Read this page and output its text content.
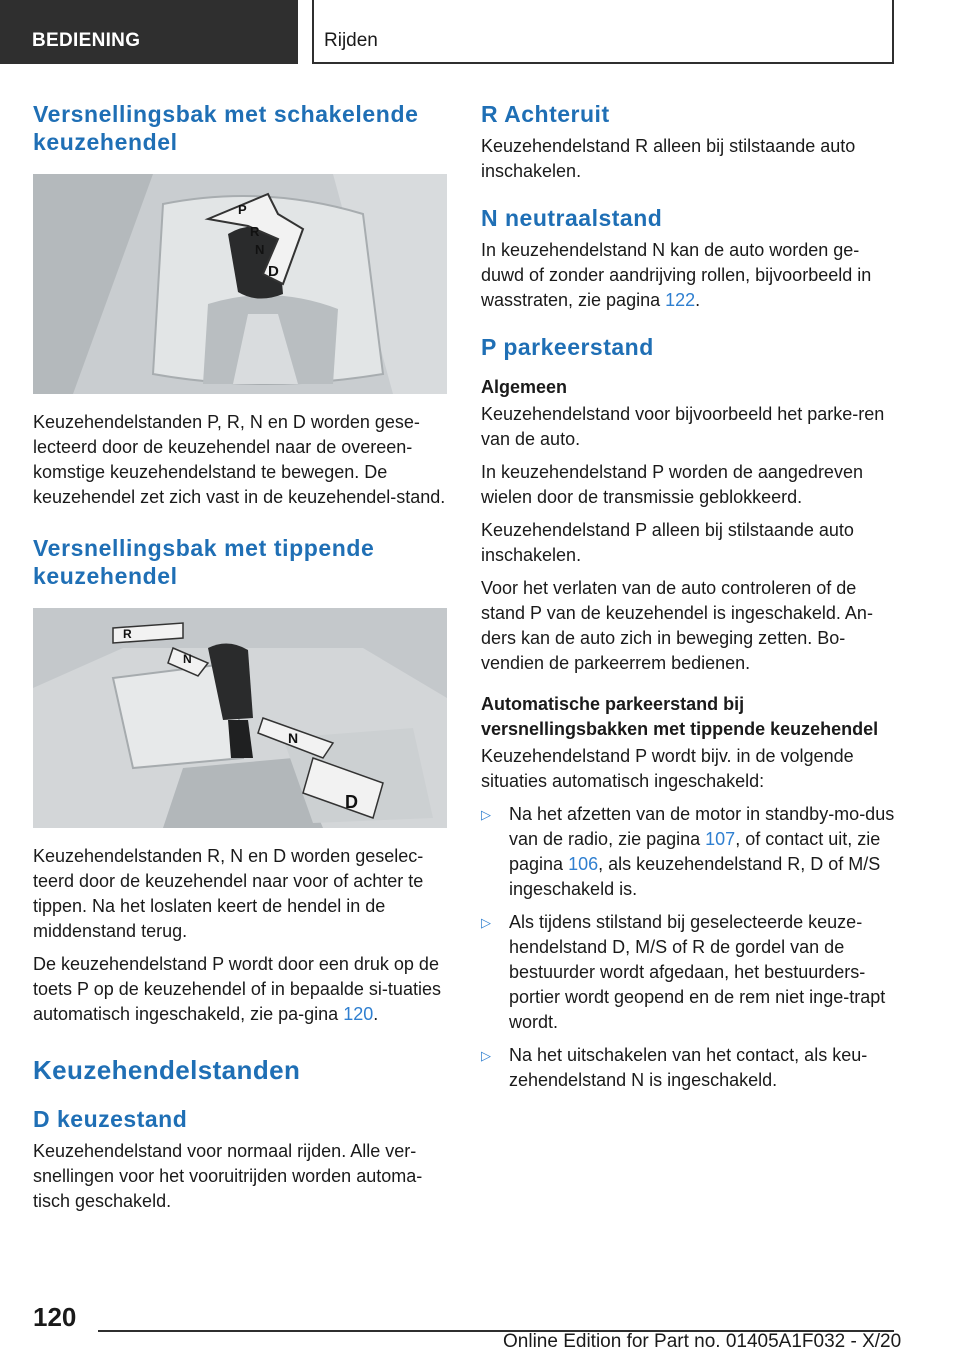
BEDIENING	Rijden
Versnellingsbak met schakelende keuzehendel
P
R
N
D

Keuzehendelstanden P, R, N en D worden gese-lecteerd door de keuzehendel naar de overeen-komstige keuzehendelstand te bewegen. De keuzehendel zet zich vast in de keuzehendel-stand.

Versnellingsbak met tippende keuzehendel
R
N
N
D

Keuzehendelstanden R, N en D worden geselec-teerd door de keuzehendel naar voor of achter te tippen. Na het loslaten keert de hendel in de middenstand terug.

De keuzehendelstand P wordt door een druk op de toets P op de keuzehendel of in bepaalde si-tuaties automatisch ingeschakeld, zie pa-gina 120.

Keuzehendelstanden
D keuzestand

Keuzehendelstand voor normaal rijden. Alle ver-snellingen voor het vooruitrijden worden automa-tisch geschakeld.

R Achteruit

Keuzehendelstand R alleen bij stilstaande auto inschakelen.

N neutraalstand

In keuzehendelstand N kan de auto worden ge-duwd of zonder aandrijving rollen, bijvoorbeeld in wasstraten, zie pagina 122.

P parkeerstand
Algemeen

Keuzehendelstand voor bijvoorbeeld het parke-ren van de auto.

In keuzehendelstand P worden de aangedreven wielen door de transmissie geblokkeerd.

Keuzehendelstand P alleen bij stilstaande auto inschakelen.

Voor het verlaten van de auto controleren of de stand P van de keuzehendel is ingeschakeld. An-ders kan de auto zich in beweging zetten. Bo-vendien de parkeerrem bedienen.

Automatische parkeerstand bij versnellingsbakken met tippende keuzehendel

Keuzehendelstand P wordt bijv. in de volgende situaties automatisch ingeschakeld:

▷ Na het afzetten van de motor in standby-mo-dus van de radio, zie pagina 107, of contact uit, zie pagina 106, als keuzehendelstand R, D of M/S ingeschakeld is.
▷ Als tijdens stilstand bij geselecteerde keuze-hendelstand D, M/S of R de gordel van de bestuurder wordt afgedaan, het bestuurders-portier wordt geopend en de rem niet inge-trapt wordt.
▷ Na het uitschakelen van het contact, als keu-zehendelstand N is ingeschakeld.
120
Online Edition for Part no. 01405A1F032 - X/20
